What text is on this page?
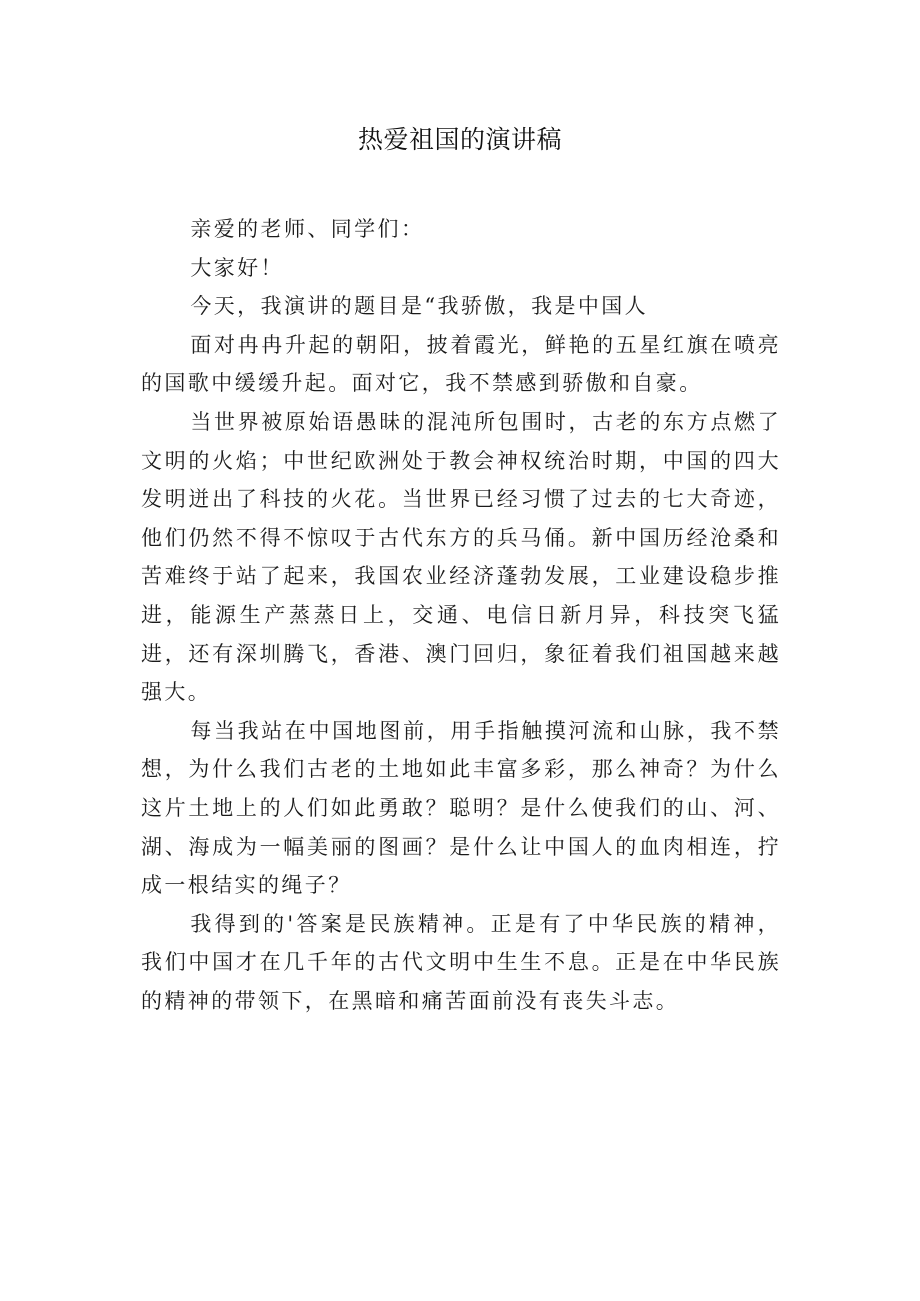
热爱祖国的演讲稿

亲爱的老师、同学们：

大家好！

今天，我演讲的题目是“我骄傲，我是中国人

面对冉冉升起的朝阳，披着霞光，鲜艳的五星红旗在喷亮的国歌中缓缓升起。面对它，我不禁感到骄傲和自豪。

当世界被原始语愚昧的混沌所包围时，古老的东方点燃了文明的火焰；中世纪欧洲处于教会神权统治时期，中国的四大发明迸出了科技的火花。当世界已经习惯了过去的七大奇迹，他们仍然不得不惊叹于古代东方的兵马俑。新中国历经沧桑和苦难终于站了起来，我国农业经济蓬勃发展，工业建设稳步推进，能源生产蒸蒸日上，交通、电信日新月异，科技突飞猛进，还有深圳腾飞，香港、澳门回归，象征着我们祖国越来越强大。

每当我站在中国地图前，用手指触摸河流和山脉，我不禁想，为什么我们古老的土地如此丰富多彩，那么神奇？为什么这片土地上的人们如此勇敢？聪明？是什么使我们的山、河、湖、海成为一幅美丽的图画？是什么让中国人的血肉相连，拧成一根结实的绳子？

我得到的'答案是民族精神。正是有了中华民族的精神，我们中国才在几千年的古代文明中生生不息。正是在中华民族的精神的带领下，在黑暗和痛苦面前没有丧失斗志。
